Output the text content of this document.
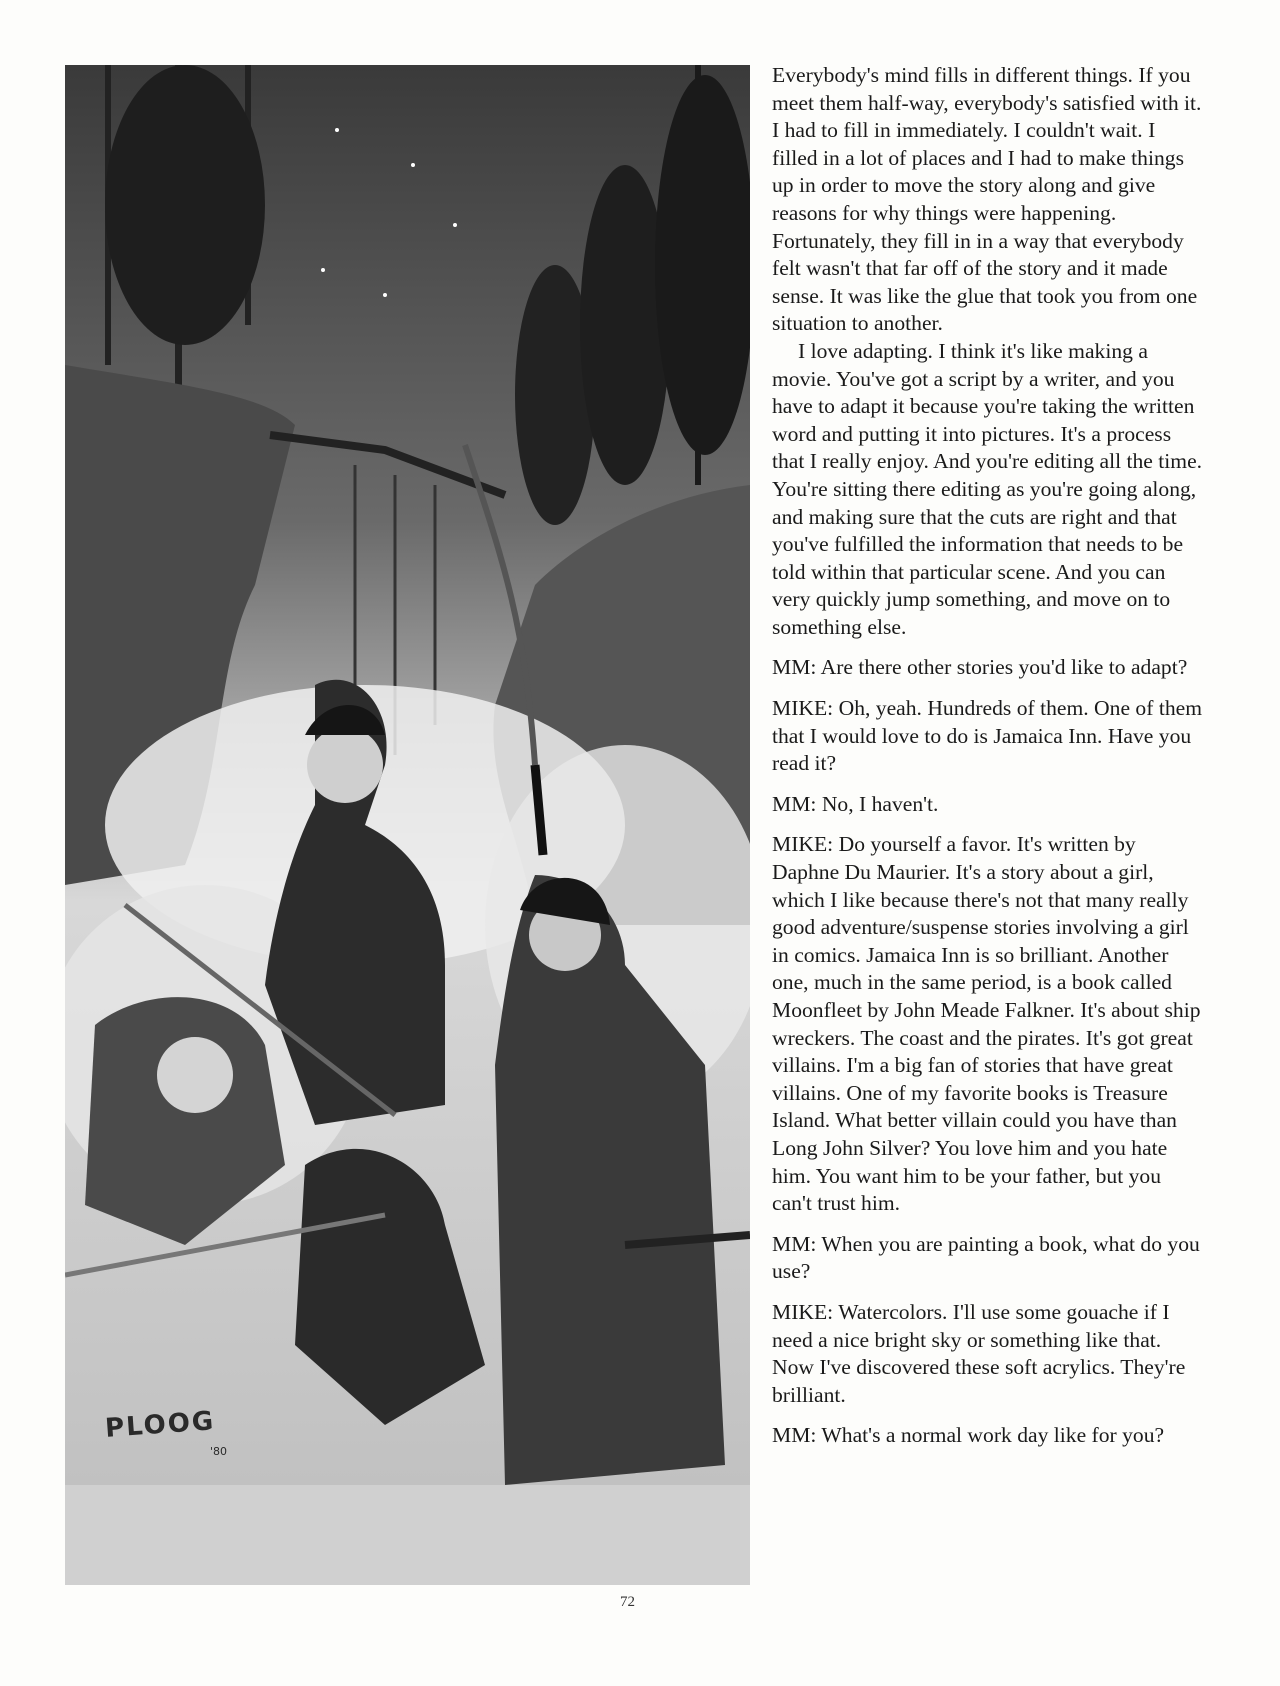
PLOOG
'80

Everybody's mind fills in different things. If you meet them half-way, everybody's satisfied with it. I had to fill in immediately. I couldn't wait. I filled in a lot of places and I had to make things up in order to move the story along and give reasons for why things were happening. Fortunately, they fill in in a way that everybody felt wasn't that far off of the story and it made sense. It was like the glue that took you from one situation to another.

I love adapting. I think it's like making a movie. You've got a script by a writer, and you have to adapt it because you're taking the written word and putting it into pictures. It's a process that I really enjoy. And you're editing all the time. You're sitting there editing as you're going along, and making sure that the cuts are right and that you've fulfilled the information that needs to be told within that particular scene. And you can very quickly jump something, and move on to something else.

MM: Are there other stories you'd like to adapt?

MIKE: Oh, yeah. Hundreds of them. One of them that I would love to do is Jamaica Inn. Have you read it?

MM: No, I haven't.

MIKE: Do yourself a favor. It's written by Daphne Du Maurier. It's a story about a girl, which I like because there's not that many really good adventure/suspense stories involving a girl in comics. Jamaica Inn is so brilliant. Another one, much in the same period, is a book called Moonfleet by John Meade Falkner. It's about ship wreckers. The coast and the pirates. It's got great villains. I'm a big fan of stories that have great villains. One of my favorite books is Treasure Island. What better villain could you have than Long John Silver? You love him and you hate him. You want him to be your father, but you can't trust him.

MM: When you are painting a book, what do you use?

MIKE: Watercolors. I'll use some gouache if I need a nice bright sky or something like that. Now I've discovered these soft acrylics. They're brilliant.

MM: What's a normal work day like for you?

72
